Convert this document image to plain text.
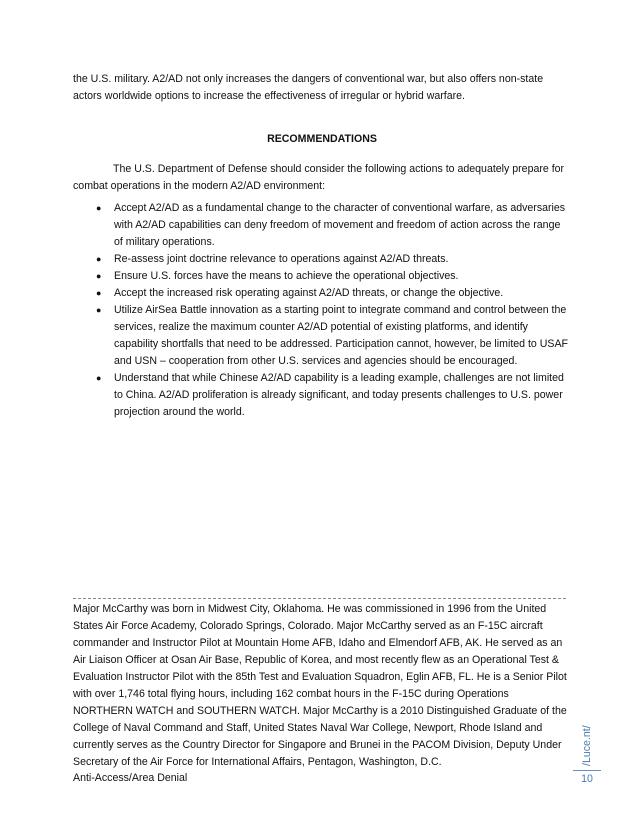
the U.S. military. A2/AD not only increases the dangers of conventional war, but also offers non-state actors worldwide options to increase the effectiveness of irregular or hybrid warfare.

RECOMMENDATIONS

The U.S. Department of Defense should consider the following actions to adequately prepare for combat operations in the modern A2/AD environment:

● Accept A2/AD as a fundamental change to the character of conventional warfare, as adversaries with A2/AD capabilities can deny freedom of movement and freedom of action across the range of military operations.
● Re-assess joint doctrine relevance to operations against A2/AD threats.
● Ensure U.S. forces have the means to achieve the operational objectives.
● Accept the increased risk operating against A2/AD threats, or change the objective.
● Utilize AirSea Battle innovation as a starting point to integrate command and control between the services, realize the maximum counter A2/AD potential of existing platforms, and identify capability shortfalls that need to be addressed. Participation cannot, however, be limited to USAF and USN – cooperation from other U.S. services and agencies should be encouraged.
● Understand that while Chinese A2/AD capability is a leading example, challenges are not limited to China. A2/AD proliferation is already significant, and today presents challenges to U.S. power projection around the world.

Major McCarthy was born in Midwest City, Oklahoma. He was commissioned in 1996 from the United States Air Force Academy, Colorado Springs, Colorado. Major McCarthy served as an F-15C aircraft commander and Instructor Pilot at Mountain Home AFB, Idaho and Elmendorf AFB, AK. He served as an Air Liaison Officer at Osan Air Base, Republic of Korea, and most recently flew as an Operational Test & Evaluation Instructor Pilot with the 85th Test and Evaluation Squadron, Eglin AFB, FL. He is a Senior Pilot with over 1,746 total flying hours, including 162 combat hours in the F-15C during Operations NORTHERN WATCH and SOUTHERN WATCH. Major McCarthy is a 2010 Distinguished Graduate of the College of Naval Command and Staff, United States Naval War College, Newport, Rhode Island and currently serves as the Country Director for Singapore and Brunei in the PACOM Division, Deputy Under Secretary of the Air Force for International Affairs, Pentagon, Washington, D.C.

Anti-Access/Area Denial
/Luce.nt/
10
